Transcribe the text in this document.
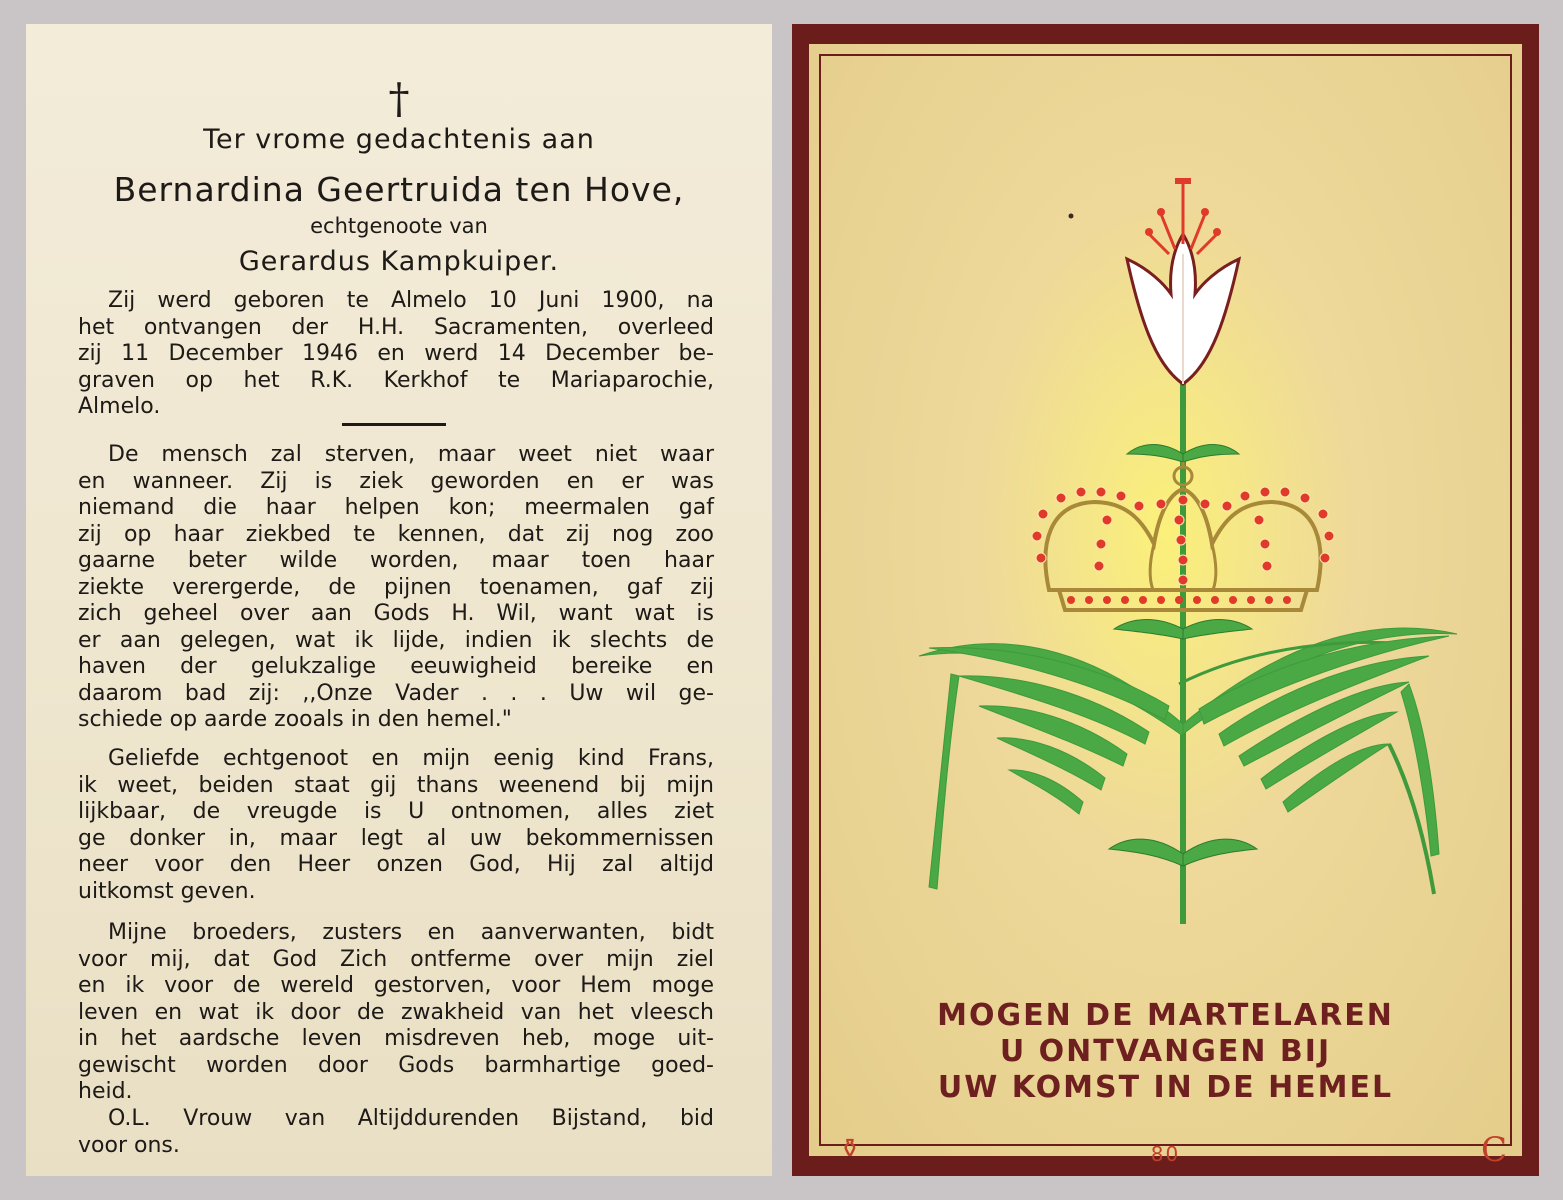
†
Ter vrome gedachtenis aan
Bernardina Geertruida ten Hove,
echtgenoote van
Gerardus Kampkuiper.
Zij werd geboren te Almelo 10 Juni 1900, na
het ontvangen der H.H. Sacramenten, overleed
zij 11 December 1946 en werd 14 December be-
graven op het R.K. Kerkhof te Mariaparochie,
Almelo.
De mensch zal sterven, maar weet niet waar
en wanneer. Zij is ziek geworden en er was
niemand die haar helpen kon; meermalen gaf
zij op haar ziekbed te kennen, dat zij nog zoo
gaarne beter wilde worden, maar toen haar
ziekte verergerde, de pijnen toenamen, gaf zij
zich geheel over aan Gods H. Wil, want wat is
er aan gelegen, wat ik lijde, indien ik slechts de
haven der gelukzalige eeuwigheid bereike en
daarom bad zij: ,,Onze Vader . . . Uw wil ge-
schiede op aarde zooals in den hemel."
Geliefde echtgenoot en mijn eenig kind Frans,
ik weet, beiden staat gij thans weenend bij mijn
lijkbaar, de vreugde is U ontnomen, alles ziet
ge donker in, maar legt al uw bekommernissen
neer voor den Heer onzen God, Hij zal altijd
uitkomst geven.
Mijne broeders, zusters en aanverwanten, bidt
voor mij, dat God Zich ontferme over mijn ziel
en ik voor de wereld gestorven, voor Hem moge
leven en wat ik door de zwakheid van het vleesch
in het aardsche leven misdreven heb, moge uit-
gewischt worden door Gods barmhartige goed-
heid.
O.L. Vrouw van Altijddurenden Bijstand, bid
voor ons.
MOGEN DE MARTELAREN
U ONTVANGEN BIJ
UW KOMST IN DE HEMEL
⚱	80	C
